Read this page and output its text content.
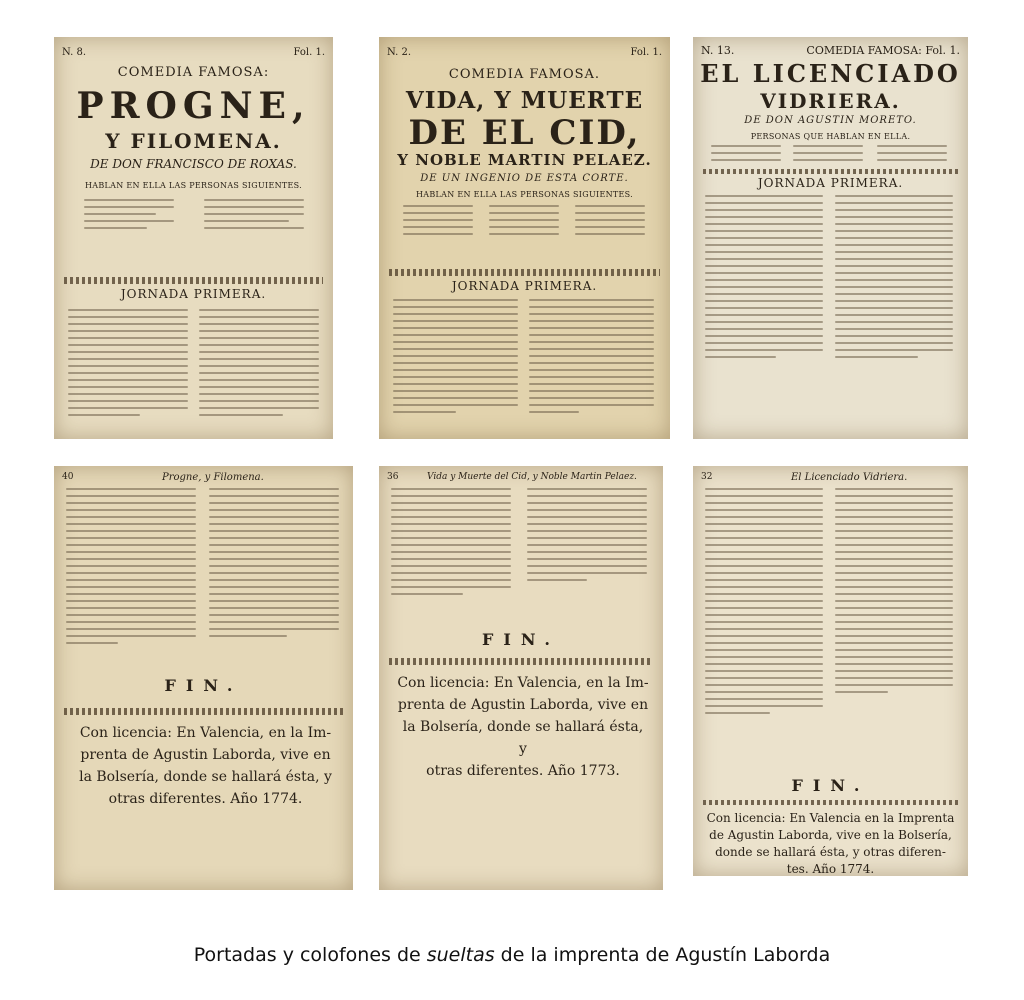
N. 8.	Fol. 1.
COMEDIA FAMOSA:
PROGNE,
Y FILOMENA.
DE DON FRANCISCO DE ROXAS.
HABLAN EN ELLA LAS PERSONAS SIGUIENTES.
JORNADA PRIMERA.
N. 2.	Fol. 1.
COMEDIA FAMOSA.
VIDA, Y MUERTE
DE EL CID,
Y NOBLE MARTIN PELAEZ.
DE UN INGENIO DE ESTA CORTE.
HABLAN EN ELLA LAS PERSONAS SIGUIENTES.
JORNADA PRIMERA.
N. 13.	COMEDIA FAMOSA: Fol. 1.
EL LICENCIADO
VIDRIERA.
DE DON AGUSTIN MORETO.
PERSONAS QUE HABLAN EN ELLA.
JORNADA PRIMERA.
40	Progne, y Filomena.
FIN.
Con licencia: En Valencia, en la Im-
prenta de Agustin Laborda, vive en
la Bolsería, donde se hallará ésta, y
otras diferentes. Año 1774.
36	Vida y Muerte del Cid, y Noble Martin Pelaez.
FIN.
Con licencia: En Valencia, en la Im-
prenta de Agustin Laborda, vive en
la Bolsería, donde se hallará ésta, y
otras diferentes. Año 1773.
32	El Licenciado Vidriera.
FIN.
Con licencia: En Valencia en la Imprenta
de Agustin Laborda, vive en la Bolsería,
donde se hallará ésta, y otras diferen-
tes. Año 1774.
Portadas y colofones de sueltas de la imprenta de Agustín Laborda
